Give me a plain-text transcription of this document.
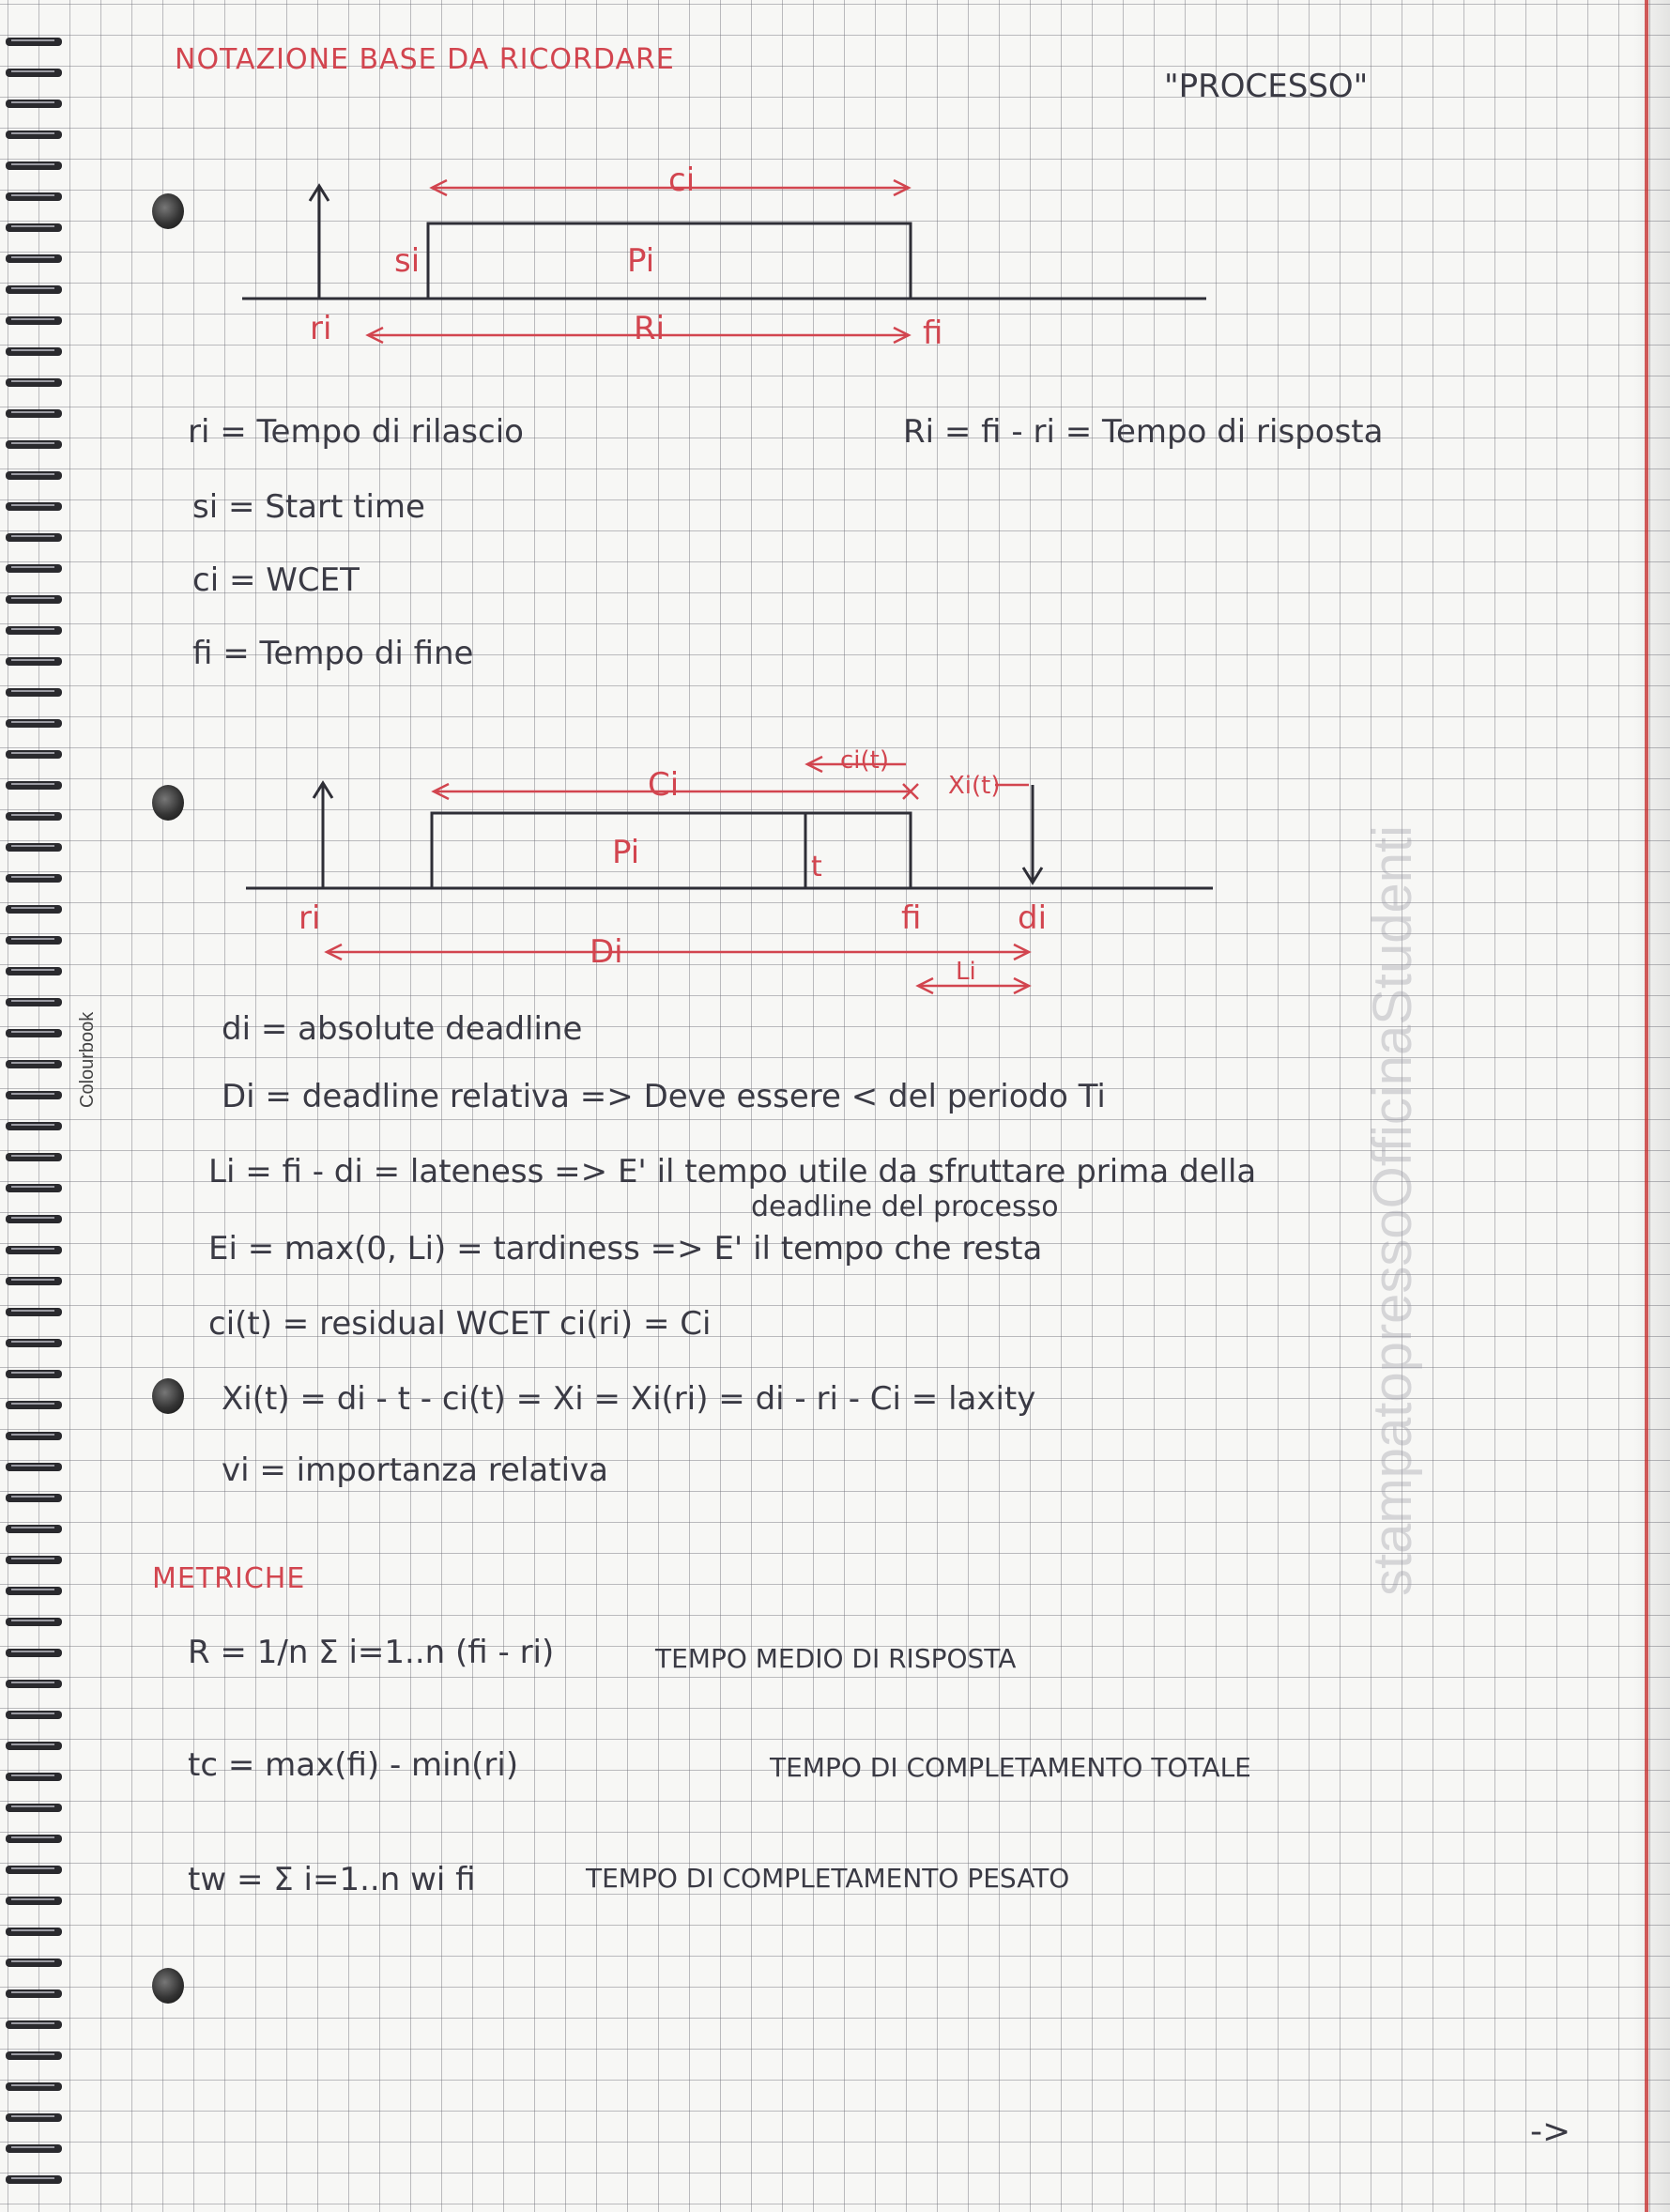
NOTAZIONE BASE DA RICORDARE
"PROCESSO"
ci
si	Pi
ri	Ri	fi
ri = Tempo di rilascio
si = Start time
ci = WCET
fi = Tempo di fine
Ri = fi - ri = Tempo di risposta
Ci
ci(t)
Xi(t)
Pi	t
ri	fi	di
Di
Li
di = absolute deadline
Di = deadline relativa => Deve essere < del periodo Ti
Li = fi - di = lateness => E' il tempo utile da sfruttare prima della
deadline del processo
Ei = max(0, Li) = tardiness => E' il tempo che resta
ci(t) = residual WCET ci(ri) = Ci
Xi(t) = di - t - ci(t) = Xi = Xi(ri) = di - ri - Ci = laxity
vi = importanza relativa
METRICHE
R = 1/n Σ i=1..n (fi - ri)	TEMPO MEDIO DI RISPOSTA
tc = max(fi) - min(ri)	TEMPO DI COMPLETAMENTO TOTALE
tw = Σ i=1..n wi fi	TEMPO DI COMPLETAMENTO PESATO
stampatopressoOfficinaStudenti
Colourbook
->
